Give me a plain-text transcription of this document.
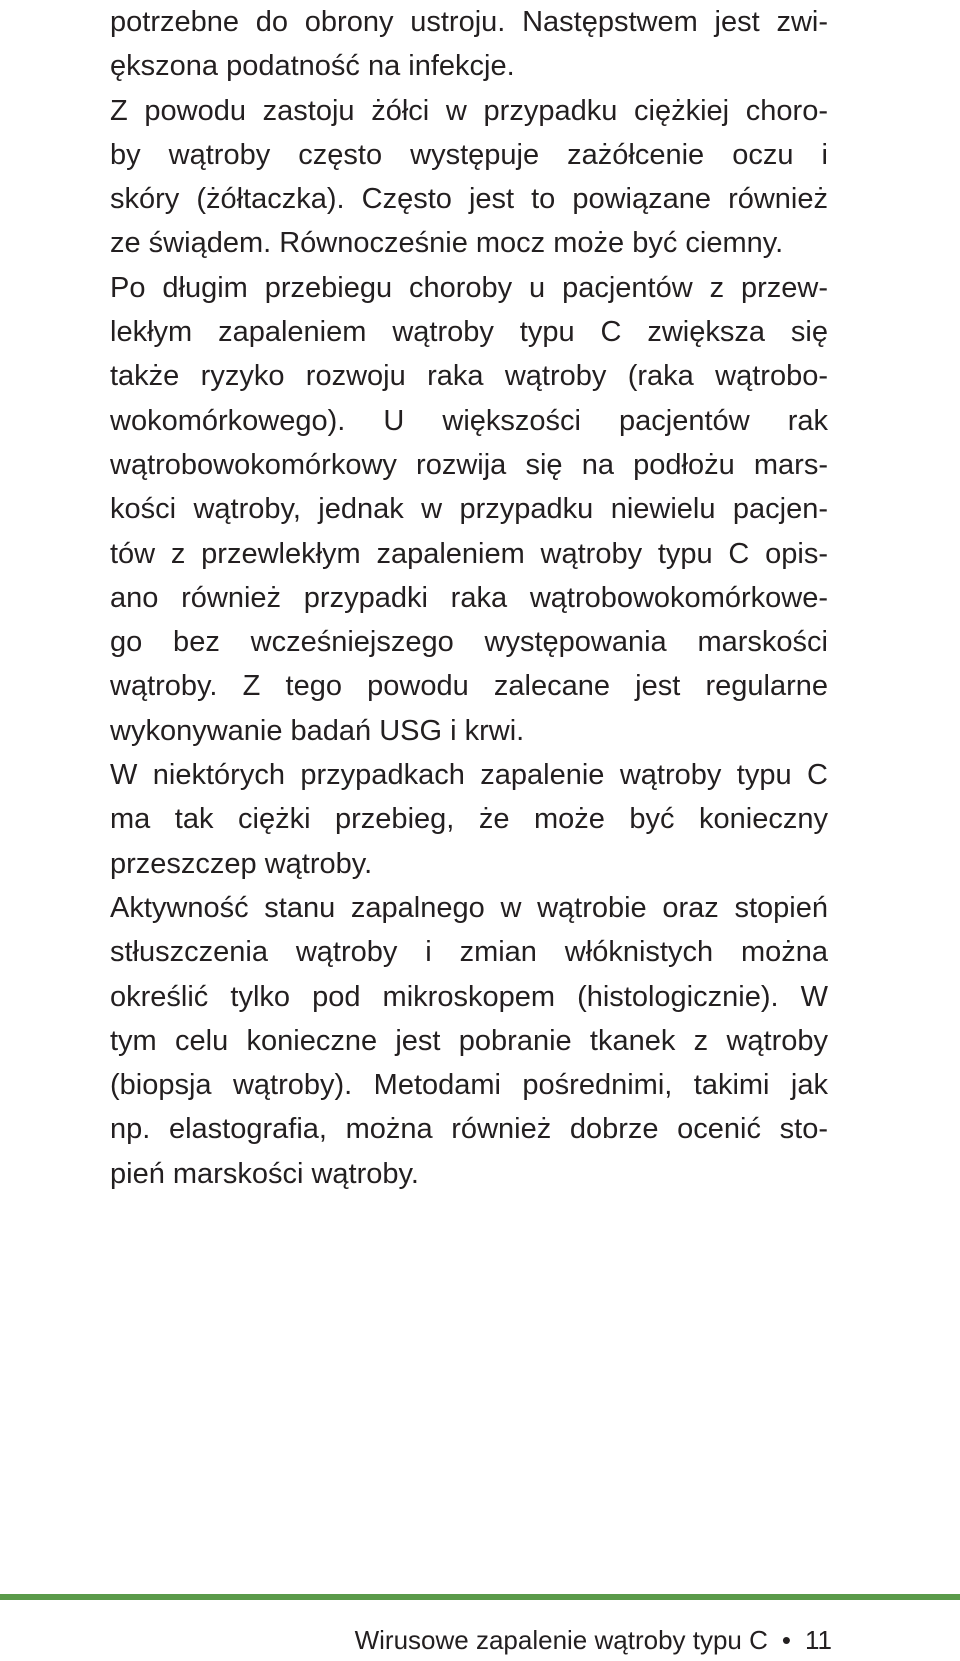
potrzebne do obrony ustroju. Następstwem jest zwi-
ększona podatność na infekcje.
Z powodu zastoju żółci w przypadku ciężkiej choro-
by wątroby często występuje zażółcenie oczu i
skóry (żółtaczka). Często jest to powiązane również
ze świądem. Równocześnie mocz może być ciemny.
Po długim przebiegu choroby u pacjentów z przew-
lekłym zapaleniem wątroby typu C zwiększa się
także ryzyko rozwoju raka wątroby (raka wątrobo-
wokomórkowego). U większości pacjentów rak
wątrobowokomórkowy rozwija się na podłożu mars-
kości wątroby, jednak w przypadku niewielu pacjen-
tów z przewlekłym zapaleniem wątroby typu C opis-
ano również przypadki raka wątrobowokomórkowe-
go bez wcześniejszego występowania marskości
wątroby. Z tego powodu zalecane jest regularne
wykonywanie badań USG i krwi.
W niektórych przypadkach zapalenie wątroby typu C
ma tak ciężki przebieg, że może być konieczny
przeszczep wątroby.
Aktywność stanu zapalnego w wątrobie oraz stopień
stłuszczenia wątroby i zmian włóknistych można
określić tylko pod mikroskopem (histologicznie). W
tym celu konieczne jest pobranie tkanek z wątroby
(biopsja wątroby). Metodami pośrednimi, takimi jak
np. elastografia, można również dobrze ocenić sto-
pień marskości wątroby.
Wirusowe zapalenie wątroby typu C • 11
